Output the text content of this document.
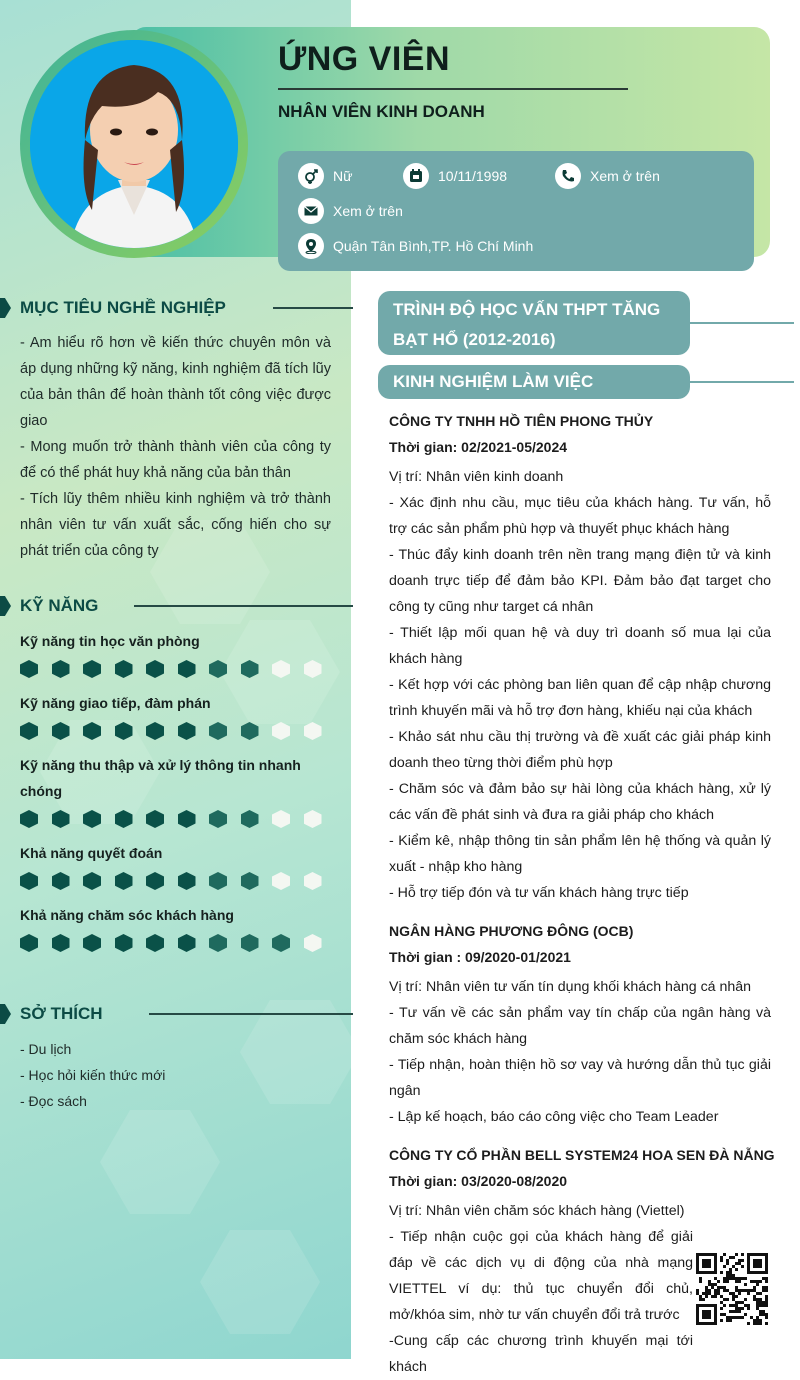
ỨNG VIÊN
NHÂN VIÊN KINH DOANH
Nữ	10/11/1998	Xem ở trên
Xem ở trên
Quận Tân Bình,TP. Hồ Chí Minh
MỤC TIÊU NGHỀ NGHIỆP

- Am hiểu rõ hơn về kiến thức chuyên môn và áp dụng những kỹ năng, kinh nghiệm đã tích lũy của bản thân để hoàn thành tốt công việc được giao

- Mong muốn trở thành thành viên của công ty để có thể phát huy khả năng của bản thân

- Tích lũy thêm nhiều kinh nghiệm và trở thành nhân viên tư vấn xuất sắc, cống hiến cho sự phát triển của công ty

KỸ NĂNG
Kỹ năng tin học văn phòng
Kỹ năng giao tiếp, đàm phán
Kỹ năng thu thập và xử lý thông tin nhanh chóng
Khả năng quyết đoán
Khả năng chăm sóc khách hàng
SỞ THÍCH

- Du lịch

- Học hỏi kiến thức mới

- Đọc sách

TRÌNH ĐỘ HỌC VẤN THPT TĂNG
BẠT HỔ (2012-2016)
KINH NGHIỆM LÀM VIỆC
CÔNG TY TNHH HỒ TIÊN PHONG THỦY
Thời gian: 02/2021-05/2024

Vị trí: Nhân viên kinh doanh

- Xác định nhu cầu, mục tiêu của khách hàng. Tư vấn, hỗ trợ các sản phẩm phù hợp và thuyết phục khách hàng

- Thúc đẩy kinh doanh trên nền trang mạng điện tử và kinh doanh trực tiếp để đảm bảo KPI. Đảm bảo đạt target cho công ty cũng như target cá nhân

- Thiết lập mối quan hệ và duy trì doanh số mua lại của khách hàng

- Kết hợp với các phòng ban liên quan để cập nhập chương trình khuyến mãi và hỗ trợ đơn hàng, khiếu nại của khách

- Khảo sát nhu cầu thị trường và đề xuất các giải pháp kinh doanh theo từng thời điểm phù hợp

- Chăm sóc và đảm bảo sự hài lòng của khách hàng, xử lý các vấn đề phát sinh và đưa ra giải pháp cho khách

- Kiểm kê, nhập thông tin sản phẩm lên hệ thống và quản lý xuất - nhập kho hàng

- Hỗ trợ tiếp đón và tư vấn khách hàng trực tiếp

NGÂN HÀNG PHƯƠNG ĐÔNG (OCB)
Thời gian : 09/2020-01/2021

Vị trí: Nhân viên tư vấn tín dụng khối khách hàng cá nhân

- Tư vấn về các sản phẩm vay tín chấp của ngân hàng và chăm sóc khách hàng

- Tiếp nhận, hoàn thiện hồ sơ vay và hướng dẫn thủ tục giải ngân

- Lập kế hoạch, báo cáo công việc cho Team Leader

CÔNG TY CỔ PHẦN BELL SYSTEM24 HOA SEN ĐÀ NẴNG
Thời gian: 03/2020-08/2020

Vị trí: Nhân viên chăm sóc khách hàng (Viettel)

- Tiếp nhận cuộc gọi của khách hàng để giải đáp về các dịch vụ di động của nhà mạng VIETTEL ví dụ: thủ tục chuyển đổi chủ, mở/khóa sim, nhờ tư vấn chuyển đổi trả trước

-Cung cấp các chương trình khuyến mại tới khách
